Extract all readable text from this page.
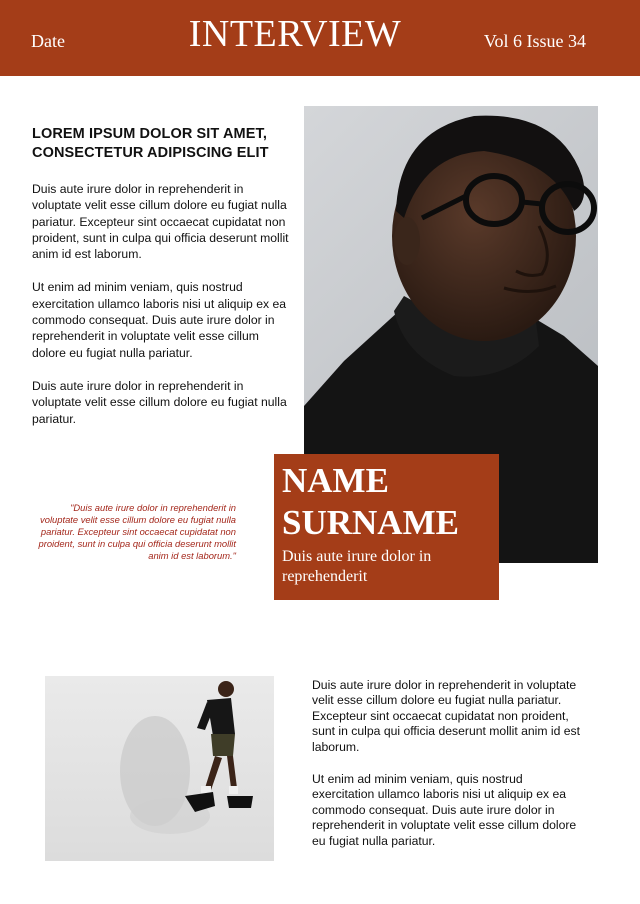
Date	INTERVIEW	Vol 6 Issue 34
LOREM IPSUM DOLOR SIT AMET,
CONSECTETUR ADIPISCING ELIT

Duis aute irure dolor in reprehenderit in voluptate velit esse cillum dolore eu fugiat nulla pariatur. Excepteur sint occaecat cupidatat non proident, sunt in culpa qui officia deserunt mollit anim id est laborum.

Ut enim ad minim veniam, quis nostrud exercitation ullamco laboris nisi ut aliquip ex ea commodo consequat. Duis aute irure dolor in reprehenderit in voluptate velit esse cillum dolore eu fugiat nulla pariatur.

Duis aute irure dolor in reprehenderit in voluptate velit esse cillum dolore eu fugiat nulla pariatur.

"Duis aute irure dolor in reprehenderit in voluptate velit esse cillum dolore eu fugiat nulla pariatur. Excepteur sint occaecat cupidatat non proident, sunt in culpa qui officia deserunt mollit anim id est laborum."
NAME
SURNAME
Duis aute irure dolor in reprehenderit

Duis aute irure dolor in reprehenderit in voluptate velit esse cillum dolore eu fugiat nulla pariatur. Excepteur sint occaecat cupidatat non proident, sunt in culpa qui officia deserunt mollit anim id est laborum.

Ut enim ad minim veniam, quis nostrud exercitation ullamco laboris nisi ut aliquip ex ea commodo consequat. Duis aute irure dolor in reprehenderit in voluptate velit esse cillum dolore eu fugiat nulla pariatur.
